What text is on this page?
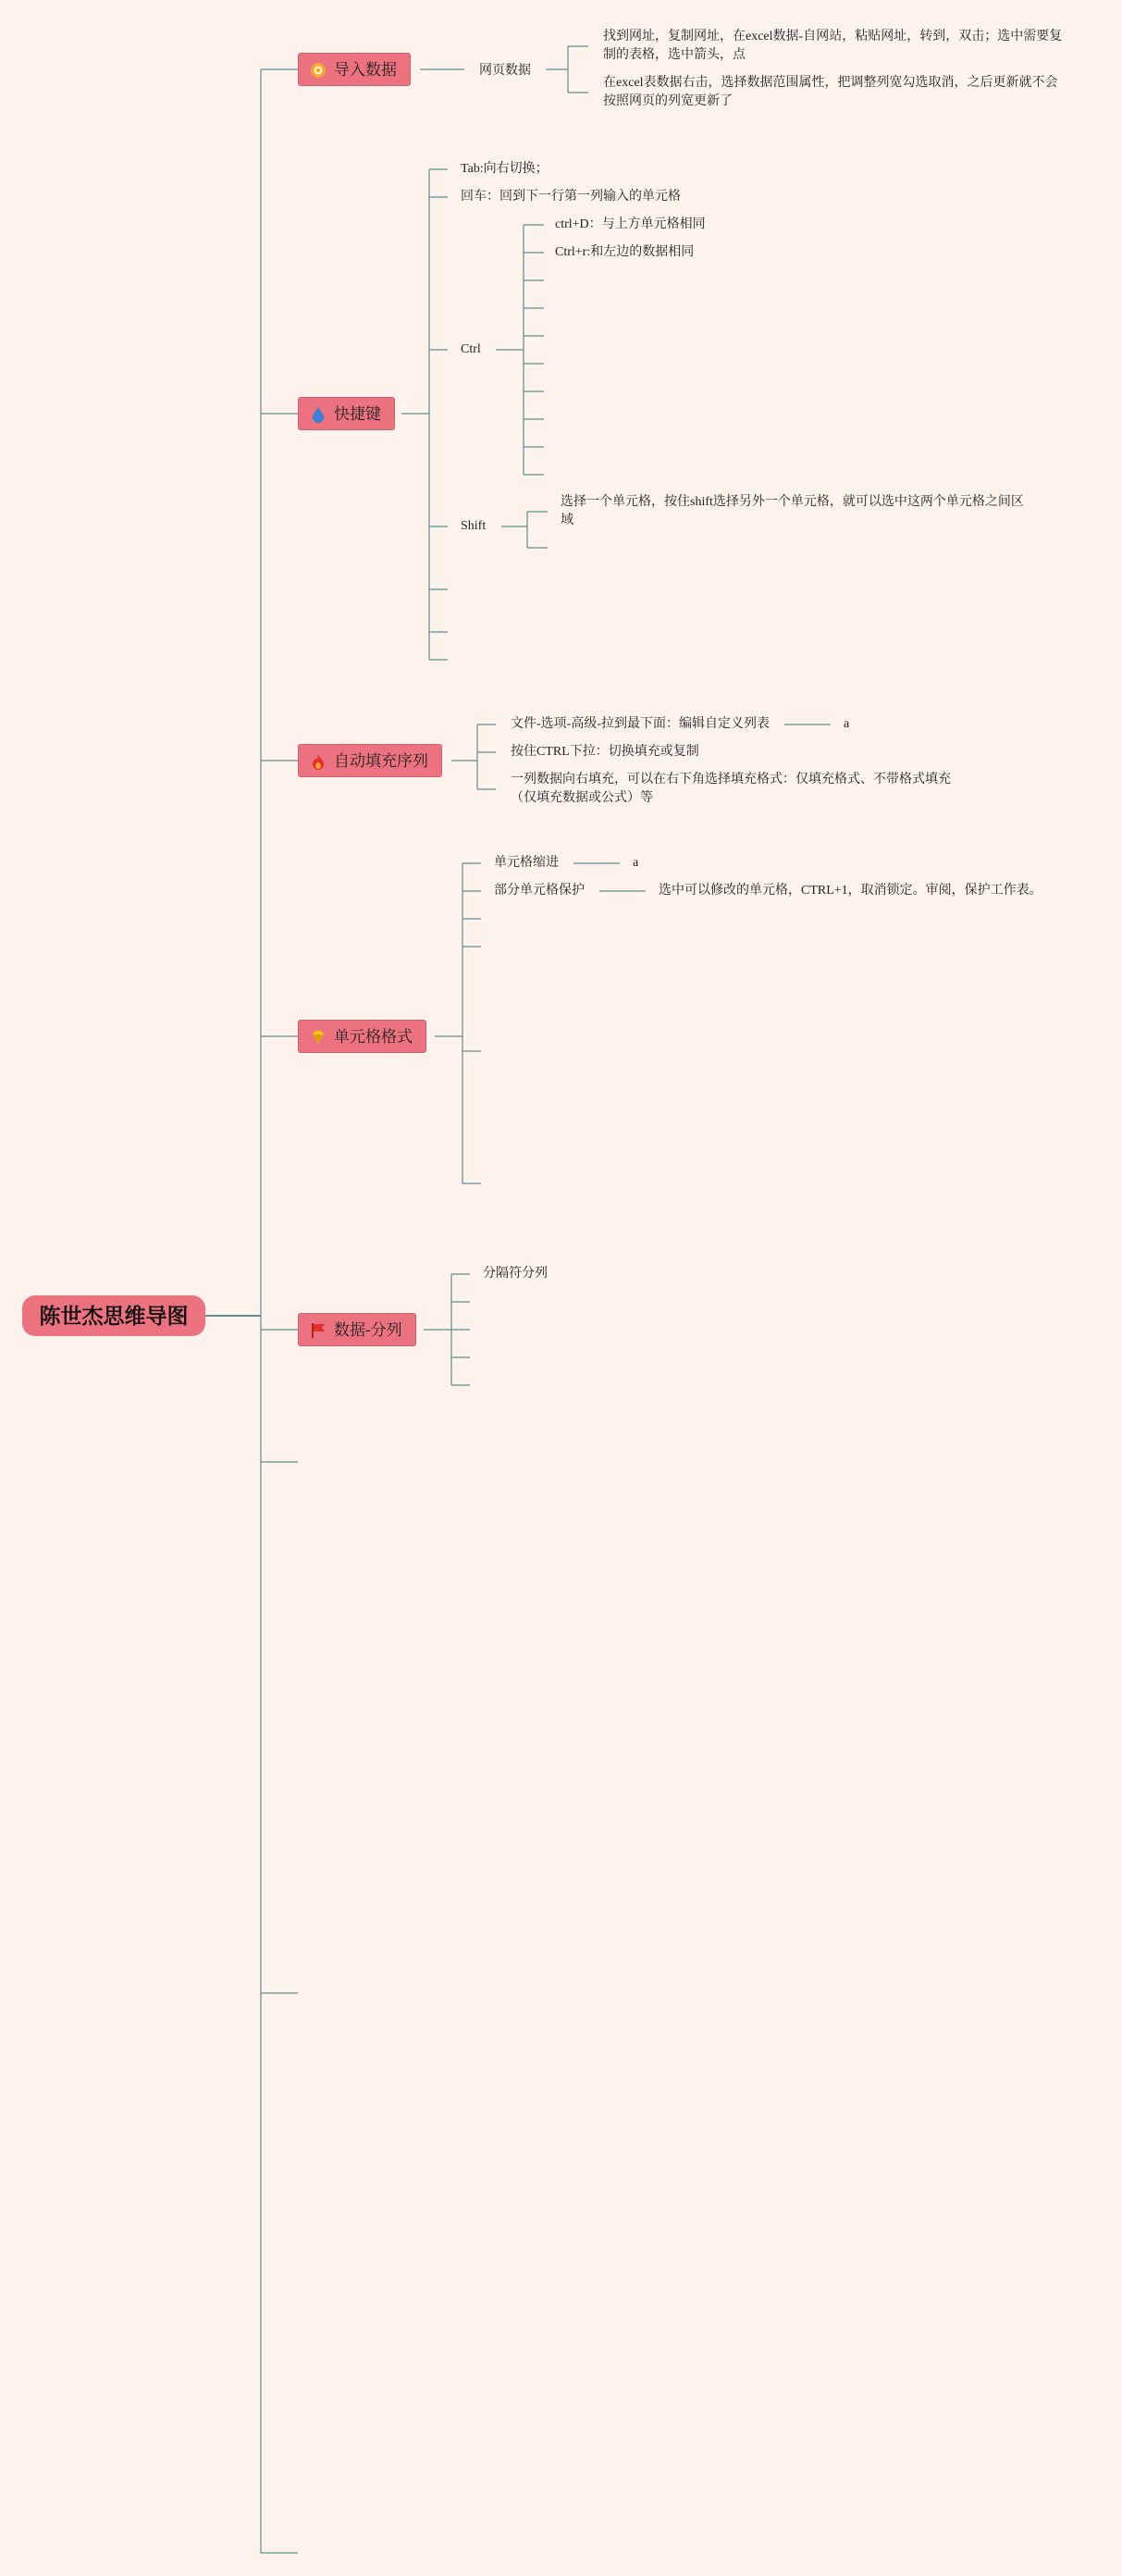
陈世杰思维导图
导入数据	网页数据
找到网址，复制网址，在excel数据-自网站，粘贴网址，转到，双击；选中需要复制的表格，选中箭头，点
在excel表数据右击，选择数据范围属性，把调整列宽勾选取消，之后更新就不会按照网页的列宽更新了
快捷键
Tab:向右切换；
回车：回到下一行第一列输入的单元格
Ctrl
ctrl+D：与上方单元格相同
Ctrl+r:和左边的数据相同
Shift
选择一个单元格，按住shift选择另外一个单元格，就可以选中这两个单元格之间区域
自动填充序列
文件-选项-高级-拉到最下面：编辑自定义列表	a
按住CTRL下拉：切换填充或复制
一列数据向右填充，可以在右下角选择填充格式：仅填充格式、不带格式填充（仅填充数据或公式）等
单元格格式
单元格缩进	a
部分单元格保护	选中可以修改的单元格，CTRL+1，取消锁定。审阅，保护工作表。
数据-分列
分隔符分列
